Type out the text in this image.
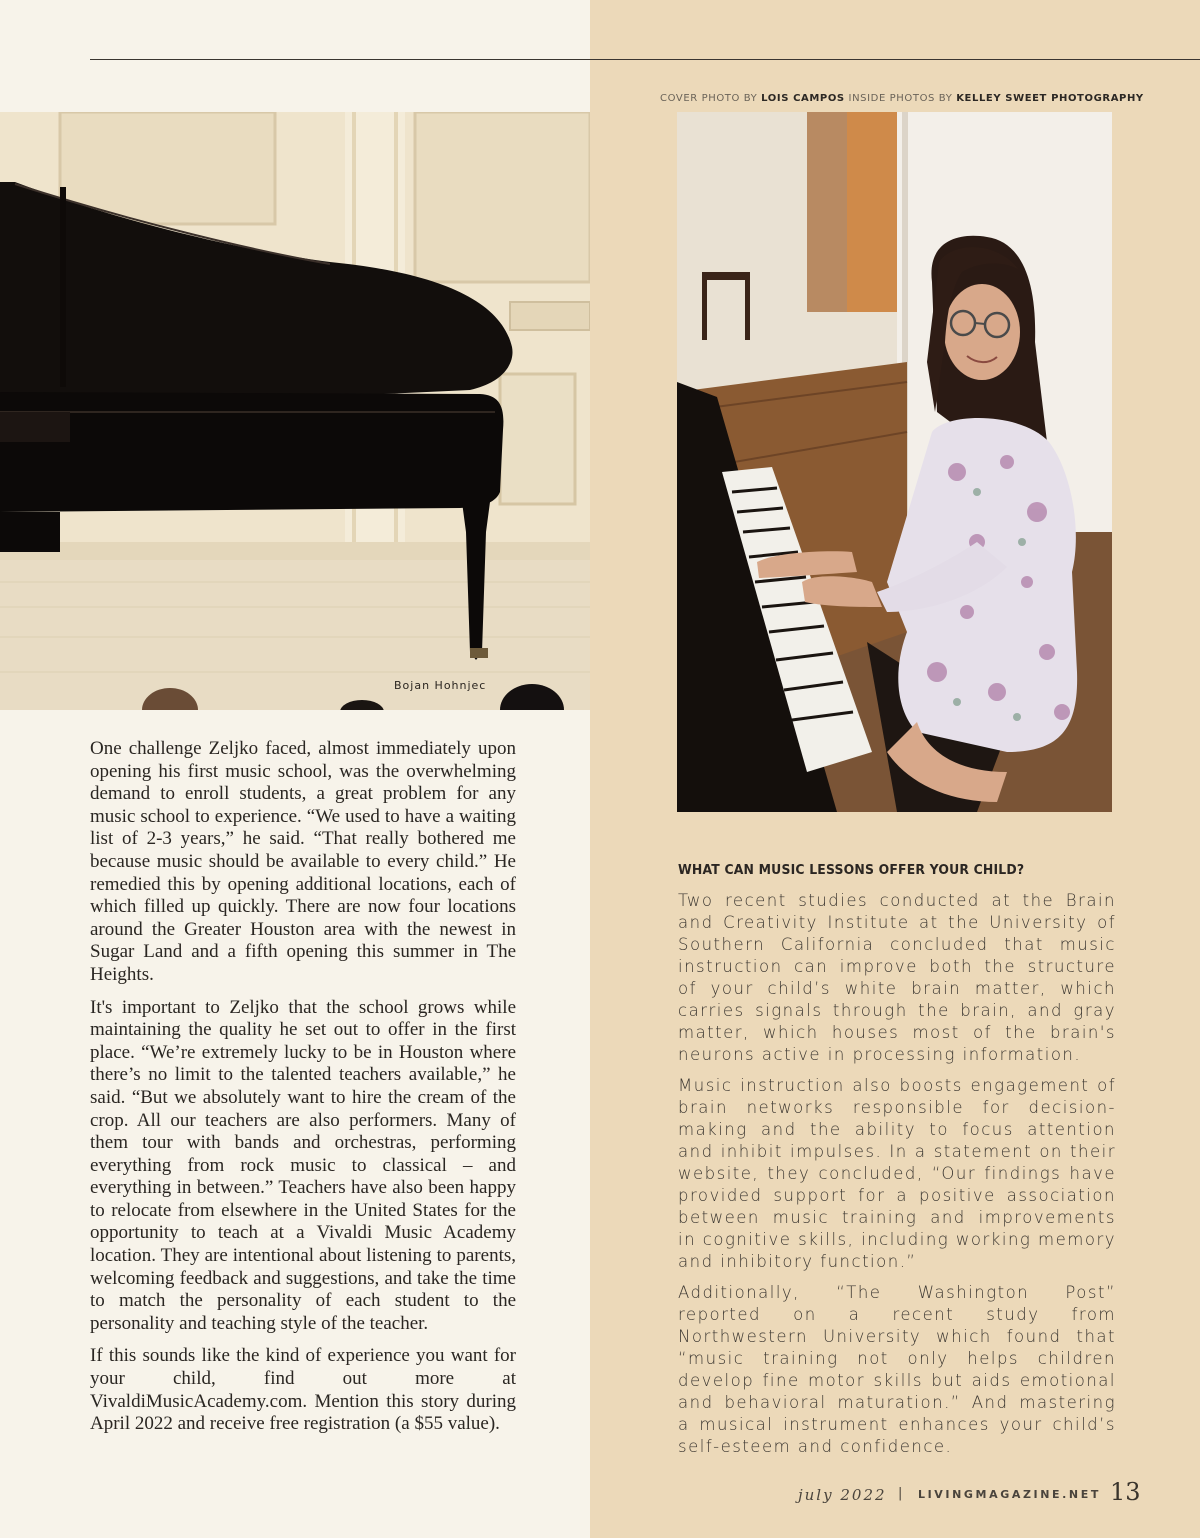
COVER PHOTO BY LOIS CAMPOS INSIDE PHOTOS BY KELLEY SWEET PHOTOGRAPHY
Bojan Hohnjec

One challenge Zeljko faced, almost immediately upon opening his first music school, was the overwhelming demand to enroll students, a great problem for any music school to experience. “We used to have a waiting list of 2-3 years,” he said. “That really bothered me because music should be available to every child.” He remedied this by opening additional locations, each of which filled up quickly. There are now four locations around the Greater Houston area with the newest in Sugar Land and a fifth opening this summer in The Heights.

It's important to Zeljko that the school grows while maintaining the quality he set out to offer in the first place. “We’re extremely lucky to be in Houston where there’s no limit to the talented teachers available,” he said. “But we absolutely want to hire the cream of the crop. All our teachers are also performers. Many of them tour with bands and orchestras, performing everything from rock music to classical – and everything in between.” Teachers have also been happy to relocate from elsewhere in the United States for the opportunity to teach at a Vivaldi Music Academy location. They are intentional about listening to parents, welcoming feedback and suggestions, and take the time to match the personality of each student to the personality and teaching style of the teacher.

If this sounds like the kind of experience you want for your child, find out more at VivaldiMusicAcademy.com. Mention this story during April 2022 and receive free registration (a $55 value).

WHAT CAN MUSIC LESSONS OFFER YOUR CHILD?

Two recent studies conducted at the Brain and Creativity Institute at the University of Southern California concluded that music instruction can improve both the structure of your child’s white brain matter, which carries signals through the brain, and gray matter, which houses most of the brain's neurons active in processing information.

Music instruction also boosts engagement of brain networks responsible for decision-making and the ability to focus attention and inhibit impulses. In a statement on their website, they concluded, “Our findings have provided support for a positive association between music training and improvements in cognitive skills, including working memory and inhibitory function.”

Additionally, “The Washington Post” reported on a recent study from Northwestern University which found that “music training not only helps children develop fine motor skills but aids emotional and behavioral maturation.” And mastering a musical instrument enhances your child’s self-esteem and confidence.

july 2022 | LIVINGMAGAZINE.NET 13
